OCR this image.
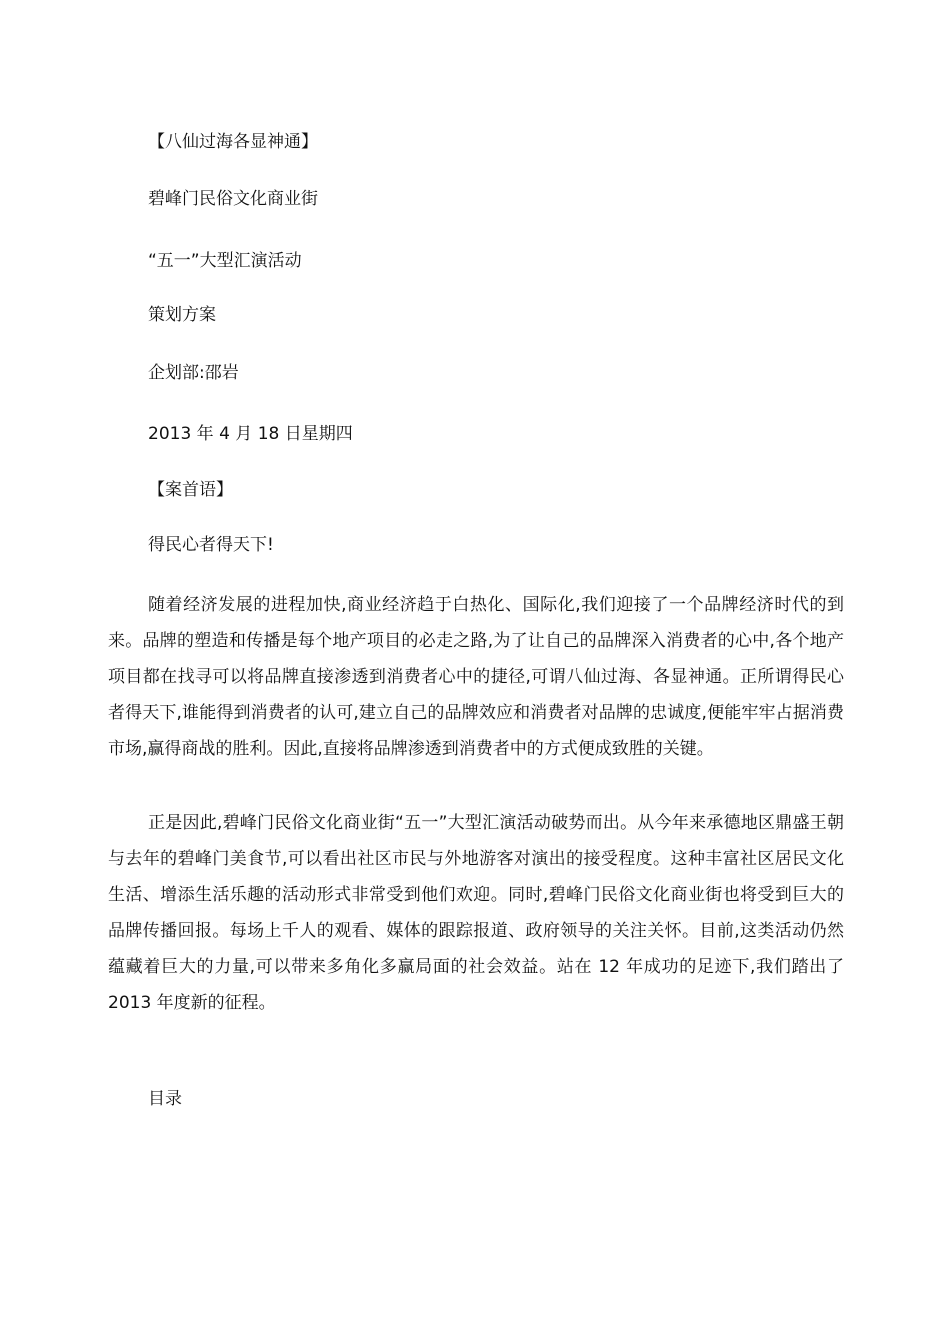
【八仙过海各显神通】
碧峰门民俗文化商业街
“五一”大型汇演活动
策划方案
企划部:邵岩
2013 年 4 月 18 日星期四
【案首语】
得民心者得天下!
随着经济发展的进程加快,商业经济趋于白热化、国际化,我们迎接了一个品牌经济时代的到来。品牌的塑造和传播是每个地产项目的必走之路,为了让自己的品牌深入消费者的心中,各个地产项目都在找寻可以将品牌直接渗透到消费者心中的捷径,可谓八仙过海、各显神通。正所谓得民心者得天下,谁能得到消费者的认可,建立自己的品牌效应和消费者对品牌的忠诚度,便能牢牢占据消费市场,赢得商战的胜利。因此,直接将品牌渗透到消费者中的方式便成致胜的关键。
正是因此,碧峰门民俗文化商业街“五一”大型汇演活动破势而出。从今年来承德地区鼎盛王朝与去年的碧峰门美食节,可以看出社区市民与外地游客对演出的接受程度。这种丰富社区居民文化生活、增添生活乐趣的活动形式非常受到他们欢迎。同时,碧峰门民俗文化商业街也将受到巨大的品牌传播回报。每场上千人的观看、媒体的跟踪报道、政府领导的关注关怀。目前,这类活动仍然蕴藏着巨大的力量,可以带来多角化多赢局面的社会效益。站在 12 年成功的足迹下,我们踏出了 2013 年度新的征程。
目录
